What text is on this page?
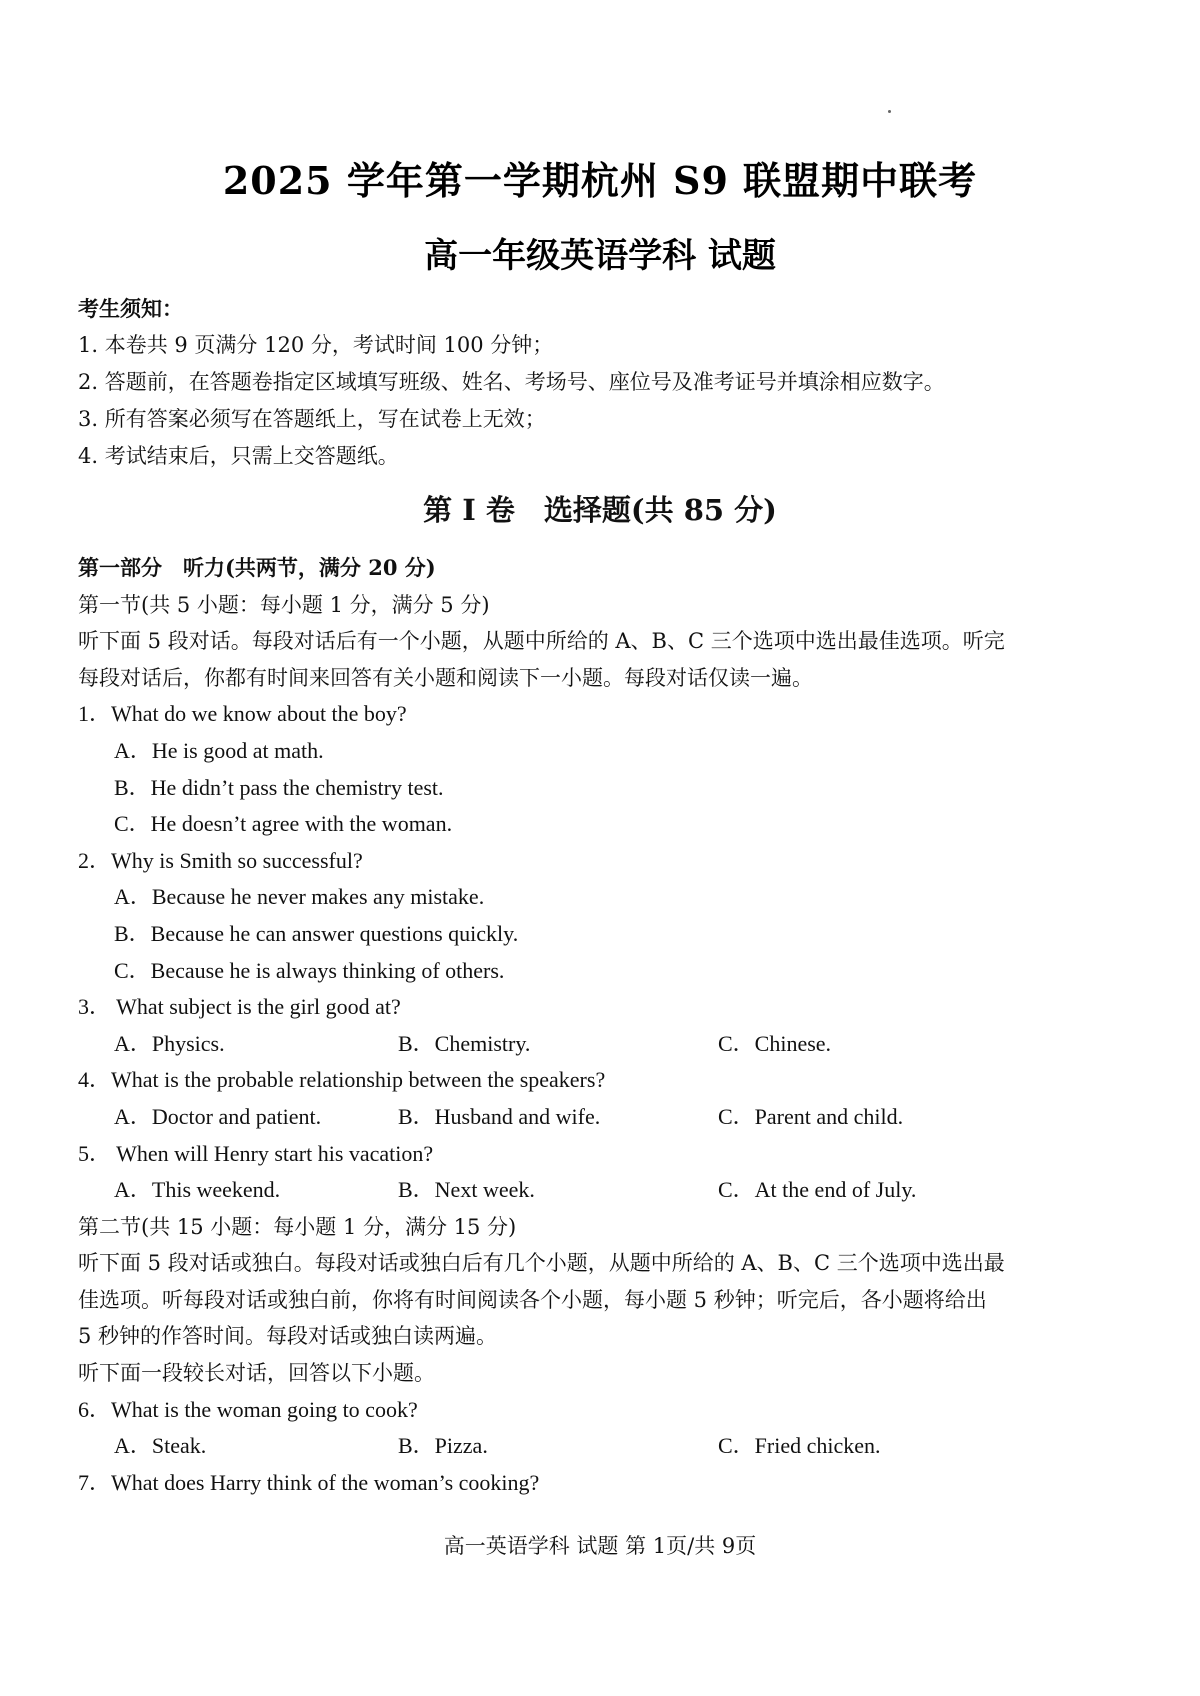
2025 学年第一学期杭州 S9 联盟期中联考
高一年级英语学科 试题
考生须知：
1. 本卷共 9 页满分 120 分，考试时间 100 分钟；
2. 答题前，在答题卷指定区域填写班级、姓名、考场号、座位号及准考证号并填涂相应数字。
3. 所有答案必须写在答题纸上，写在试卷上无效；
4. 考试结束后，只需上交答题纸。
第 I 卷　选择题(共 85 分)

第一部分　听力(共两节，满分 20 分)

第一节(共 5 小题：每小题 1 分，满分 5 分)

听下面 5 段对话。每段对话后有一个小题，从题中所给的 A、B、C 三个选项中选出最佳选项。听完

每段对话后，你都有时间来回答有关小题和阅读下一小题。每段对话仅读一遍。

1．What do we know about the boy?

A．He is good at math.

B．He didn’t pass the chemistry test.

C．He doesn’t agree with the woman.

2．Why is Smith so successful?

A．Because he never makes any mistake.

B．Because he can answer questions quickly.

C．Because he is always thinking of others.

3． What subject is the girl good at?

A．Physics.	B．Chemistry.	C．Chinese.

4．What is the probable relationship between the speakers?

A．Doctor and patient.	B．Husband and wife.	C．Parent and child.

5． When will Henry start his vacation?

A．This weekend.	B．Next week.	C．At the end of July.

第二节(共 15 小题：每小题 1 分，满分 15 分)

听下面 5 段对话或独白。每段对话或独白后有几个小题，从题中所给的 A、B、C 三个选项中选出最

佳选项。听每段对话或独白前，你将有时间阅读各个小题，每小题 5 秒钟；听完后，各小题将给出

5 秒钟的作答时间。每段对话或独白读两遍。

听下面一段较长对话，回答以下小题。

6．What is the woman going to cook?

A．Steak.	B．Pizza.	C．Fried chicken.

7．What does Harry think of the woman’s cooking?

高一英语学科 试题 第 1页/共 9页
